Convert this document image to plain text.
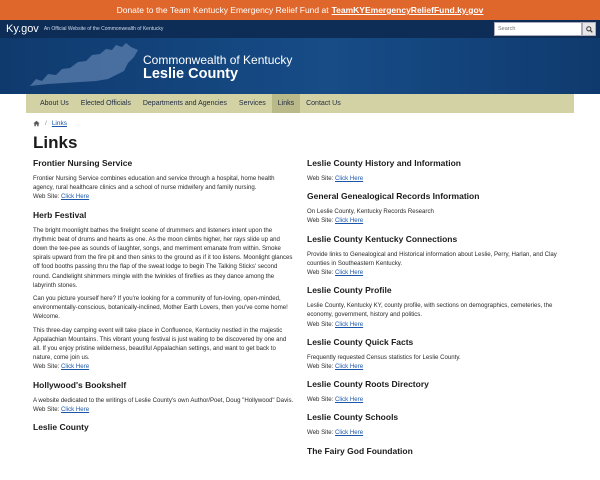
Donate to the Team Kentucky Emergency Relief Fund at TeamKYEmergencyReliefFund.ky.gov
Ky.gov An Official Website of the Commonwealth of Kentucky
Search
Commonwealth of Kentucky
Leslie County
About Us	Elected Officials	Departments and Agencies	Services	Links	Contact Us
/ Links
Links
Frontier Nursing Service
Frontier Nursing Service combines education and service through a hospital, home health agency, rural healthcare clinics and a school of nurse midwifery and family nursing.
Web Site: Click Here
Herb Festival
The bright moonlight bathes the firelight scene of drummers and listeners intent upon the rhythmic beat of drums and hearts as one. As the moon climbs higher, her rays slide up and down the tee-pee as sounds of laughter, songs, and merriment emanate from within. Smoke spirals upward from the fire pit and then sinks to the ground as if it too listens. Moonlight glances off food booths passing thru the flap of the sweat lodge to begin The Talking Sticks' second round. Candlelight shimmers mingle with the twinkles of fireflies as they dance among the labyrinth stones.
Can you picture yourself here? If you're looking for a community of fun-loving, open-minded, environmentally-conscious, botanically-inclined, Mother Earth Lovers, then you've come home! Welcome.
This three-day camping event will take place in Confluence, Kentucky nestled in the majestic Appalachian Mountains. This vibrant young festival is just waiting to be discovered by one and all. If you enjoy pristine wilderness, beautiful Appalachian settings, and want to get back to nature, come join us.
Web Site: Click Here
Hollywood's Bookshelf
A website dedicated to the writings of Leslie County's own Author/Poet, Doug "Hollywood" Davis.
Web Site: Click Here
Leslie County
Leslie County History and Information
Web Site: Click Here
General Genealogical Records Information
On Leslie County, Kentucky Records Research
Web Site: Click Here
Leslie County Kentucky Connections
Provide links to Genealogical and Historical information about Leslie, Perry, Harlan, and Clay counties in Southeastern Kentucky.
Web Site: Click Here
Leslie County Profile
Leslie County, Kentucky KY, county profile, with sections on demographics, cemeteries, the economy, government, history and politics.
Web Site: Click Here
Leslie County Quick Facts
Frequently requested Census statistics for Leslie County.
Web Site: Click Here
Leslie County Roots Directory
Web Site: Click Here
Leslie County Schools
Web Site: Click Here
The Fairy God Foundation
